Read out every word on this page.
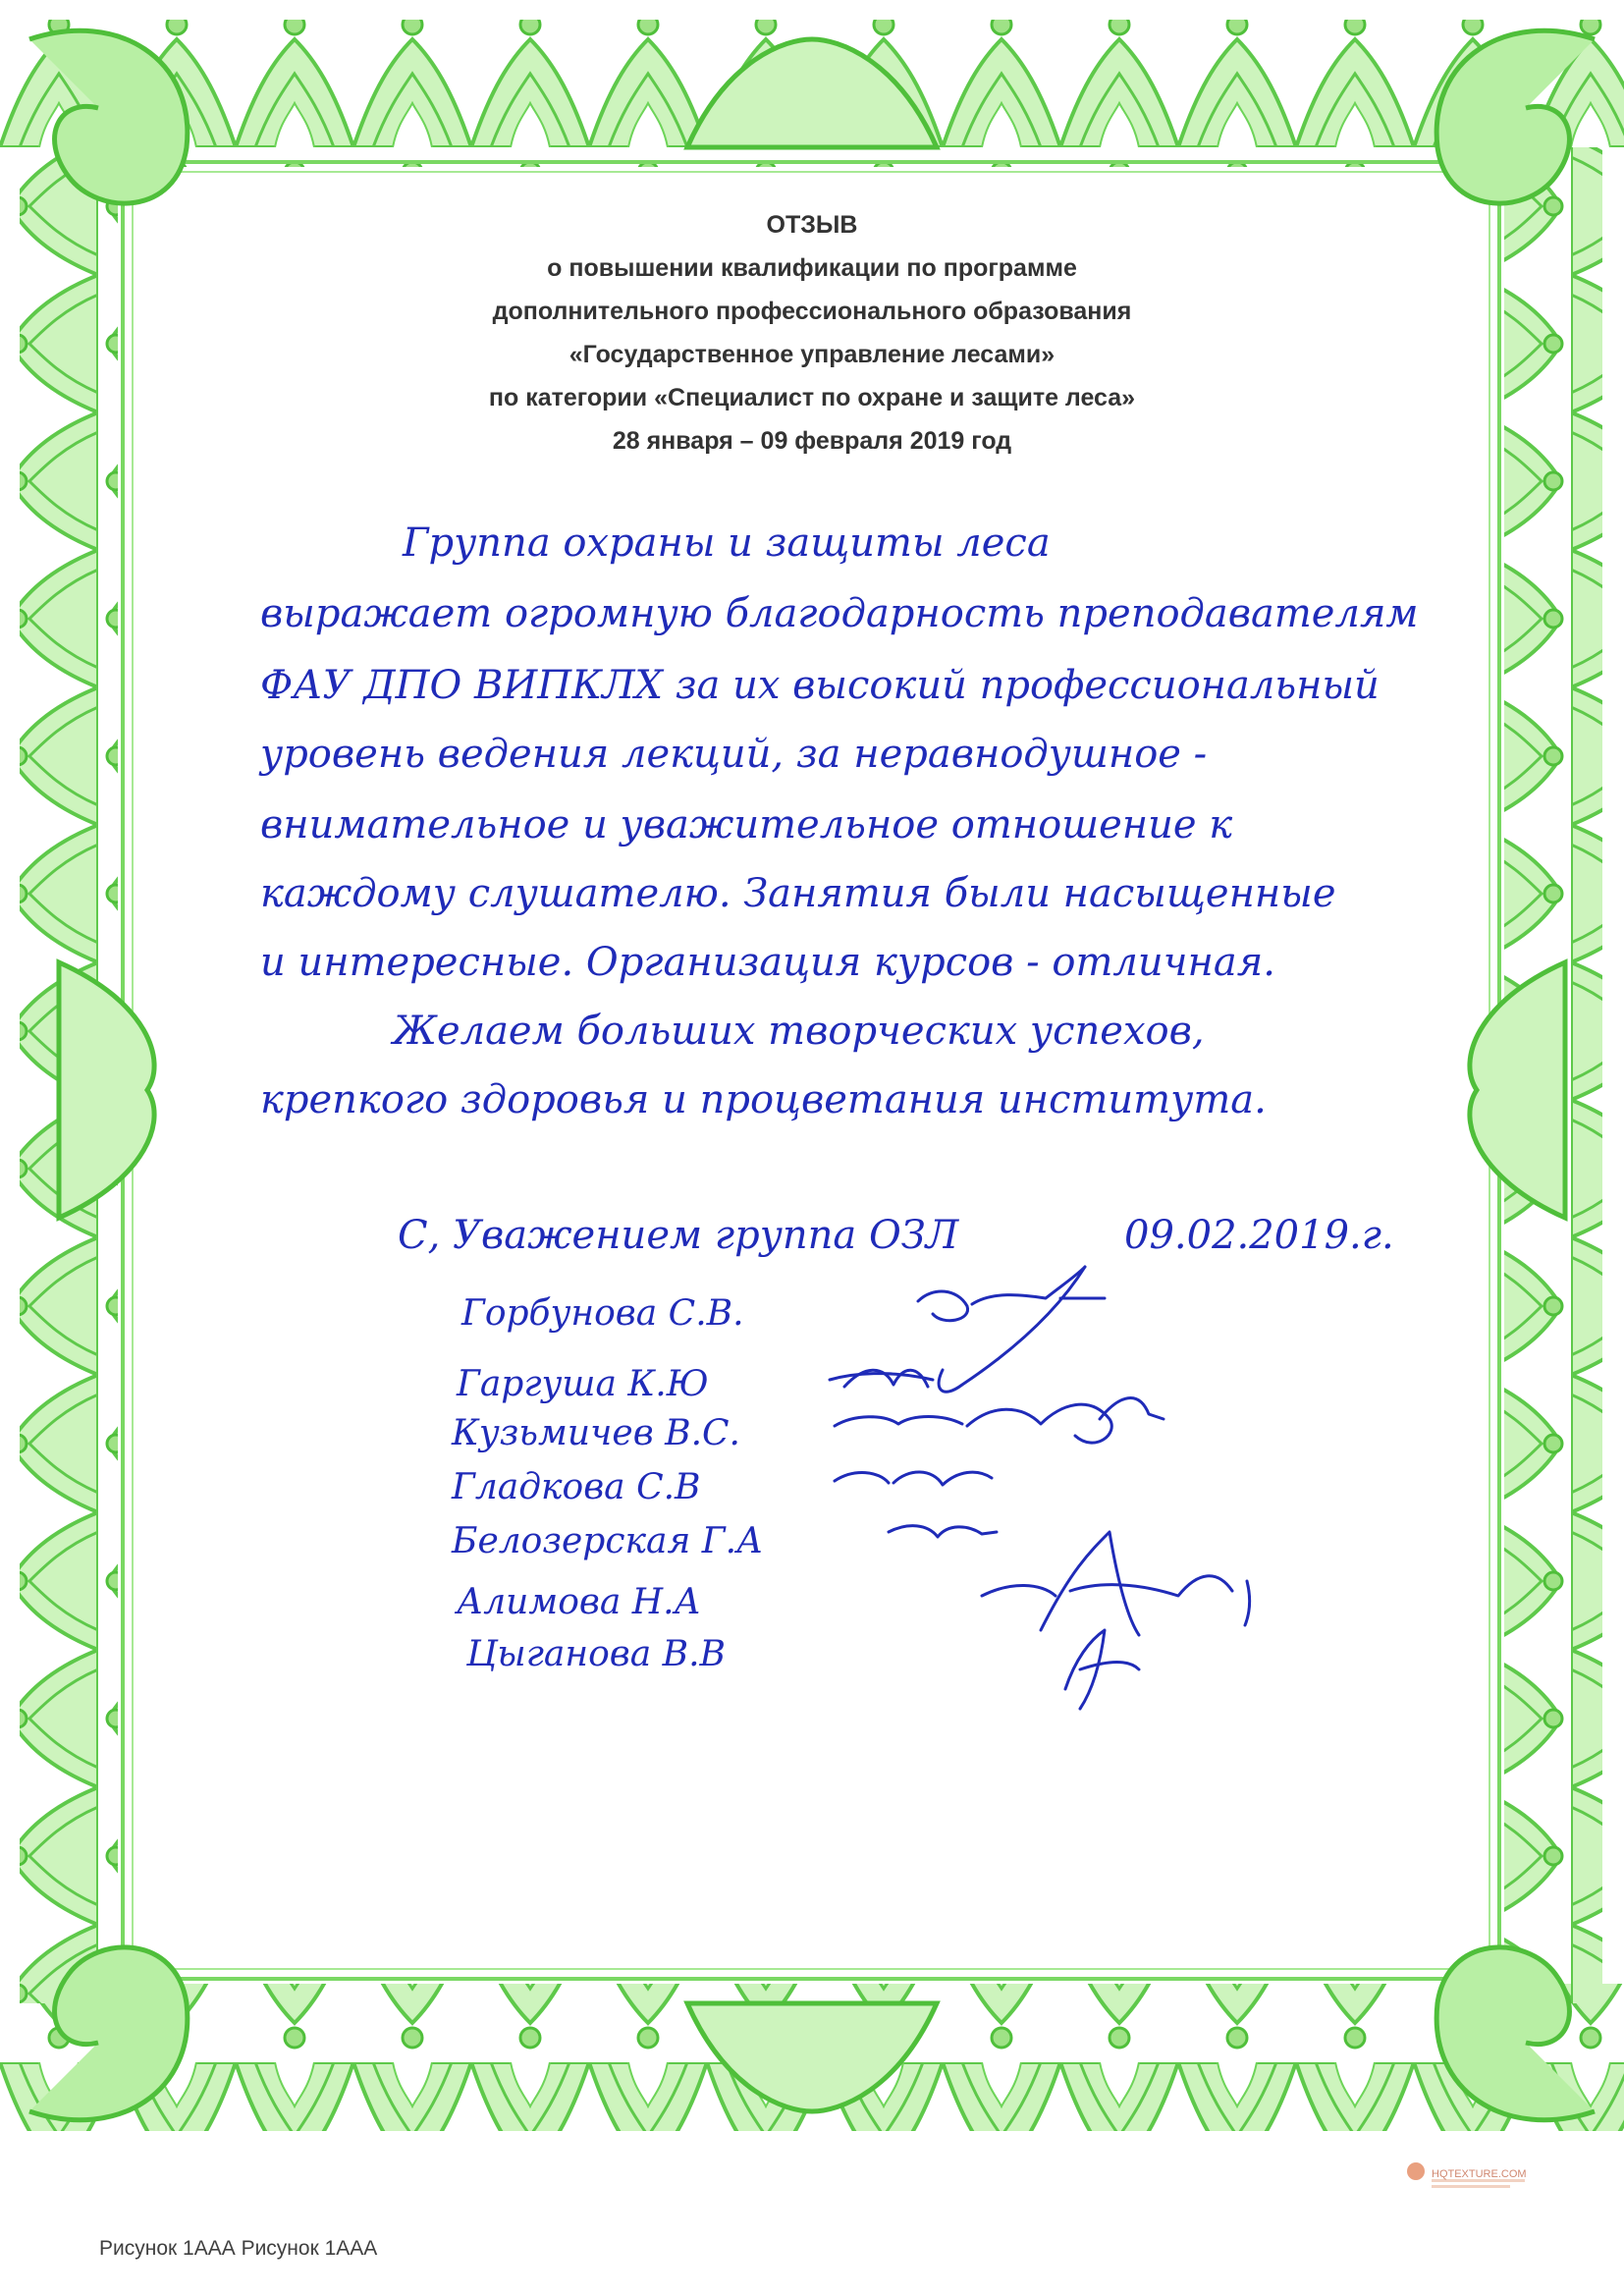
ОТЗЫВ
о повышении квалификации по программе
дополнительного профессионального образования
«Государственное управление лесами»
по категории «Специалист по охране и защите леса»
28 января – 09 февраля 2019 год
Группа охраны и защиты леса
выражает огромную благодарность преподавателям
ФАУ ДПО ВИПКЛХ за их высокий профессиональный
уровень ведения лекций, за неравнодушное -
внимательное и уважительное отношение к
каждому слушателю. Занятия были насыщенные
и интересные. Организация курсов - отличная.
Желаем больших творческих успехов,
крепкого здоровья и процветания института.
С, Уважением группа ОЗЛ	09.02.2019.г.
Горбунова С.В.
Гаргуша К.Ю
Кузьмичев В.С.
Гладкова С.В
Белозерская Г.А
Алимова Н.А
Цыганова В.В
HQTEXTURE.COM
Рисунок 1ААА Рисунок 1ААА
